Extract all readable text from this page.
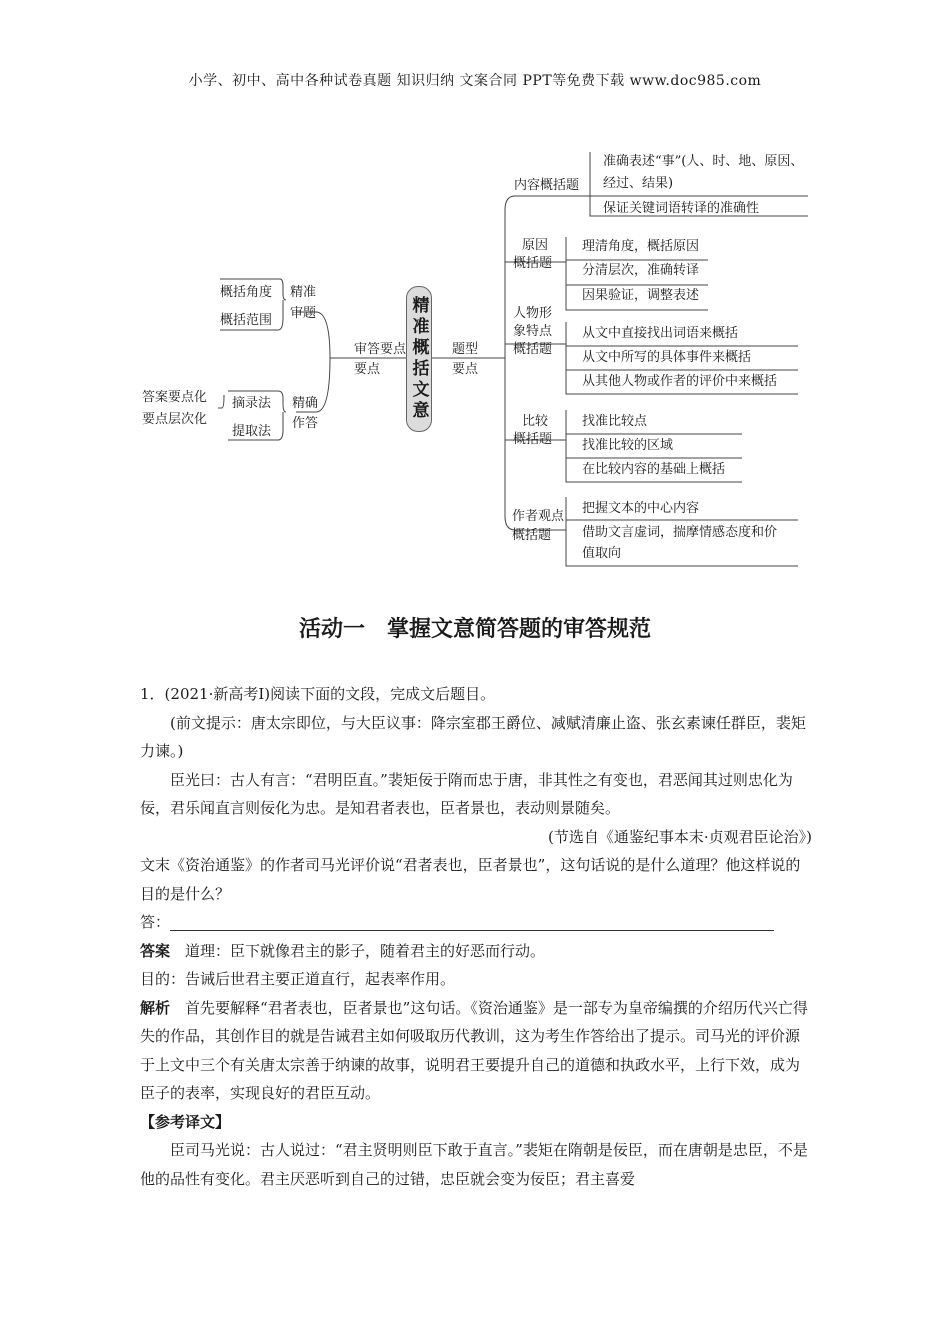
小学、初中、高中各种试卷真题 知识归纳 文案合同 PPT等免费下载 www.doc985.com
精准概括文意
审答要点
要点
精准
审题
概括角度
概括范围
精确
作答
摘录法
提取法
答案要点化
要点层次化
题型
要点
内容概括题
准确表述“事”(人、时、地、原因、
经过、结果)
保证关键词语转译的准确性
原因
概括题
理清角度，概括原因
分清层次，准确转译
因果验证，调整表述
人物形
象特点
概括题
从文中直接找出词语来概括
从文中所写的具体事件来概括
从其他人物或作者的评价中来概括
比较
概括题
找准比较点
找准比较的区域
在比较内容的基础上概括
作者观点
概括题
把握文本的中心内容
借助文言虚词，揣摩情感态度和价
值取向
活动一　掌握文意简答题的审答规范

1．(2021·新高考Ⅰ)阅读下面的文段，完成文后题目。

(前文提示：唐太宗即位，与大臣议事：降宗室郡王爵位、减赋清廉止盗、张玄素谏任群臣，裴矩力谏。)

臣光曰：古人有言：“君明臣直。”裴矩佞于隋而忠于唐，非其性之有变也，君恶闻其过则忠化为佞，君乐闻直言则佞化为忠。是知君者表也，臣者景也，表动则景随矣。

(节选自《通鉴纪事本末·贞观君臣论治》)

文末《资治通鉴》的作者司马光评价说“君者表也，臣者景也”，这句话说的是什么道理？他这样说的目的是什么？

答：

答案　道理：臣下就像君主的影子，随着君主的好恶而行动。

目的：告诫后世君主要正道直行，起表率作用。

解析　首先要解释“君者表也，臣者景也”这句话。《资治通鉴》是一部专为皇帝编撰的介绍历代兴亡得失的作品，其创作目的就是告诫君主如何吸取历代教训，这为考生作答给出了提示。司马光的评价源于上文中三个有关唐太宗善于纳谏的故事，说明君王要提升自己的道德和执政水平，上行下效，成为臣子的表率，实现良好的君臣互动。

【参考译文】

臣司马光说：古人说过：“君主贤明则臣下敢于直言。”裴矩在隋朝是佞臣，而在唐朝是忠臣，不是他的品性有变化。君主厌恶听到自己的过错，忠臣就会变为佞臣；君主喜爱
